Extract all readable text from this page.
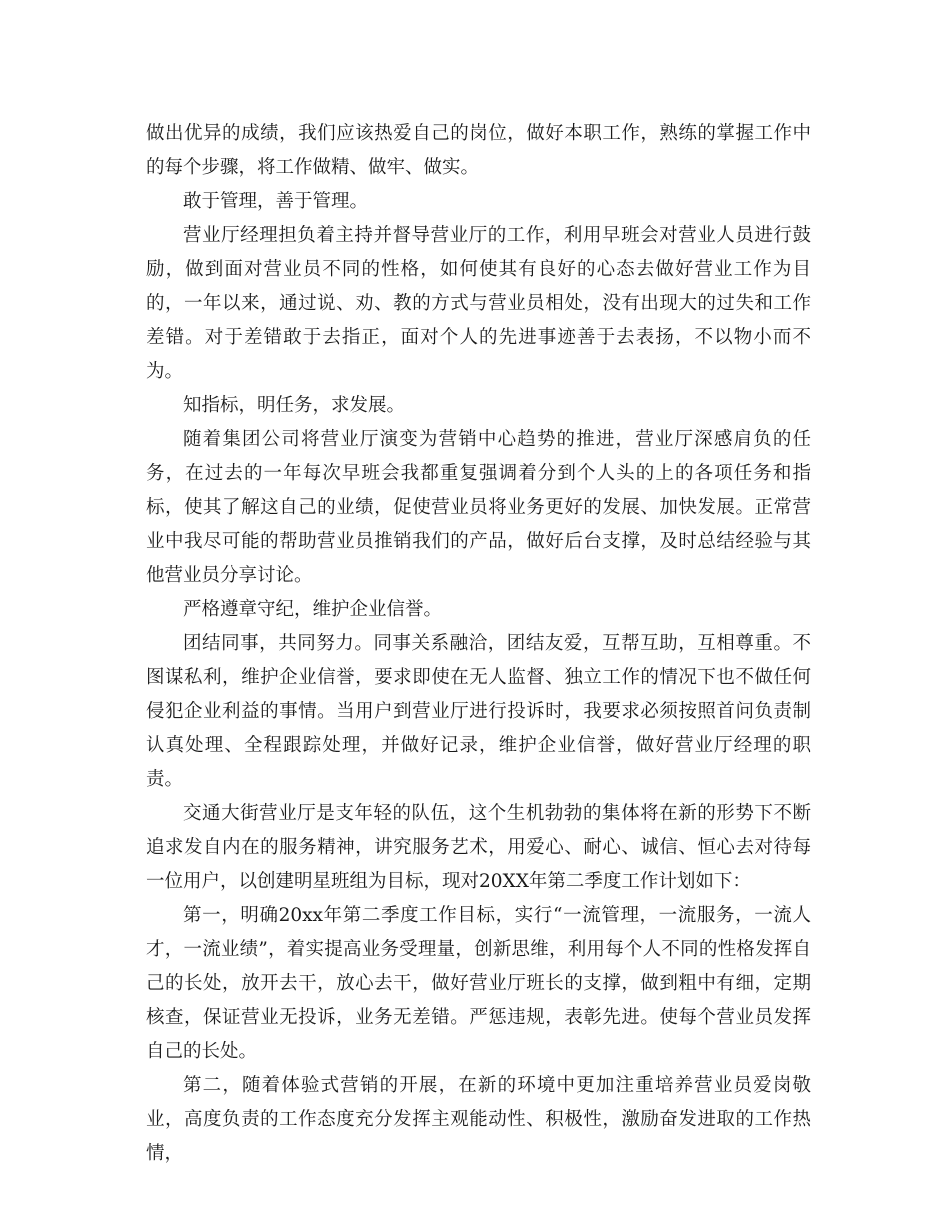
做出优异的成绩，我们应该热爱自己的岗位，做好本职工作，熟练的掌握工作中的每个步骤，将工作做精、做牢、做实。

敢于管理，善于管理。

营业厅经理担负着主持并督导营业厅的工作，利用早班会对营业人员进行鼓励，做到面对营业员不同的性格，如何使其有良好的心态去做好营业工作为目的，一年以来，通过说、劝、教的方式与营业员相处，没有出现大的过失和工作差错。对于差错敢于去指正，面对个人的先进事迹善于去表扬，不以物小而不为。

知指标，明任务，求发展。

随着集团公司将营业厅演变为营销中心趋势的推进，营业厅深感肩负的任务，在过去的一年每次早班会我都重复强调着分到个人头的上的各项任务和指标，使其了解这自己的业绩，促使营业员将业务更好的发展、加快发展。正常营业中我尽可能的帮助营业员推销我们的产品，做好后台支撑，及时总结经验与其他营业员分享讨论。

严格遵章守纪，维护企业信誉。

团结同事，共同努力。同事关系融洽，团结友爱，互帮互助，互相尊重。不图谋私利，维护企业信誉，要求即使在无人监督、独立工作的情况下也不做任何侵犯企业利益的事情。当用户到营业厅进行投诉时，我要求必须按照首问负责制认真处理、全程跟踪处理，并做好记录，维护企业信誉，做好营业厅经理的职责。

交通大街营业厅是支年轻的队伍，这个生机勃勃的集体将在新的形势下不断追求发自内在的服务精神，讲究服务艺术，用爱心、耐心、诚信、恒心去对待每一位用户，以创建明星班组为目标，现对20XX年第二季度工作计划如下：

第一，明确20xx年第二季度工作目标，实行“一流管理，一流服务，一流人才，一流业绩”，着实提高业务受理量，创新思维，利用每个人不同的性格发挥自己的长处，放开去干，放心去干，做好营业厅班长的支撑，做到粗中有细，定期核查，保证营业无投诉，业务无差错。严惩违规，表彰先进。使每个营业员发挥自己的长处。

第二，随着体验式营销的开展，在新的环境中更加注重培养营业员爱岗敬业，高度负责的工作态度充分发挥主观能动性、积极性，激励奋发进取的工作热情，
